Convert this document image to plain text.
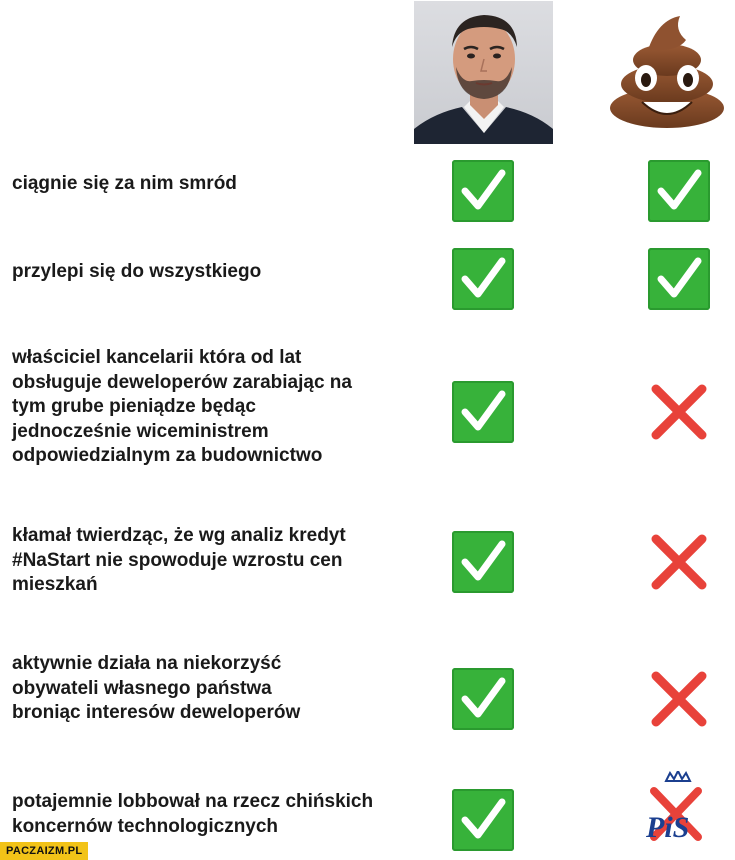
ciągnie się za nim smród
przylepi się do wszystkiego
właściciel kancelarii która od lat
obsługuje deweloperów zarabiając na
tym grube pieniądze będąc
jednocześnie wiceministrem
odpowiedzialnym za budownictwo
kłamał twierdząc, że wg analiz kredyt
#NaStart nie spowoduje wzrostu cen
mieszkań
aktywnie działa na niekorzyść
obywateli własnego państwa
broniąc interesów deweloperów
potajemnie lobbował na rzecz chińskich
koncernów technologicznych	PiS
PACZAIZM.PL
